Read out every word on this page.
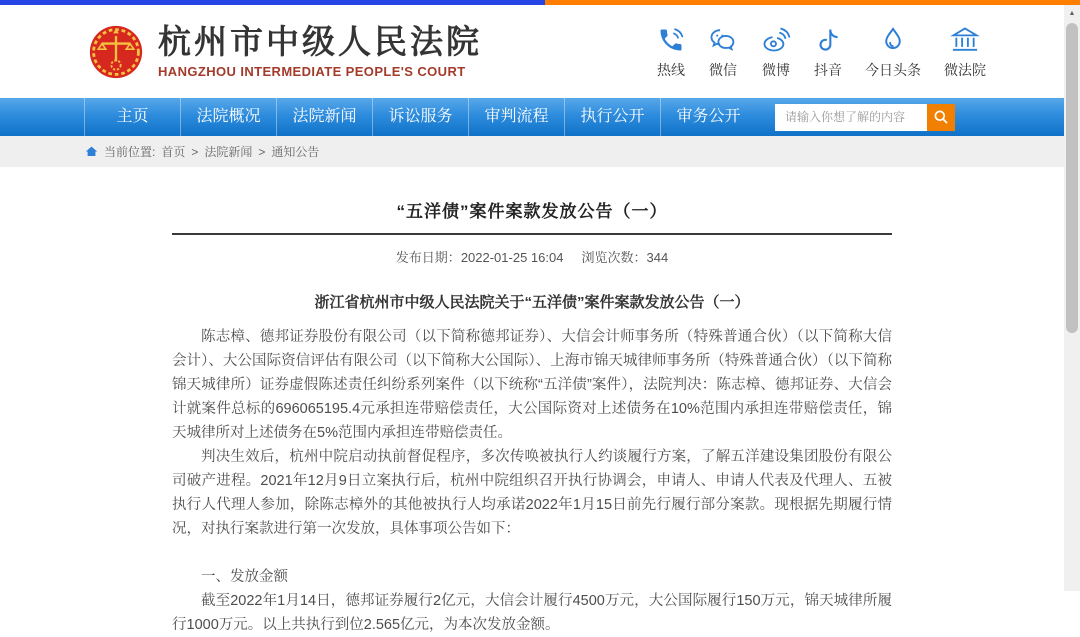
杭州市中级人民法院
HANGZHOU INTERMEDIATE PEOPLE'S COURT	热线 微信 微博 抖音 今日头条 微法院
主页	法院概况	法院新闻	诉讼服务	审判流程	执行公开	审务公开
请输入你想了解的内容
当前位置: 首页 > 法院新闻 > 通知公告
“五洋债”案件案款发放公告（一）
发布日期：2022-01-25 16:04 浏览次数：344
浙江省杭州市中级人民法院关于“五洋债”案件案款发放公告（一）

陈志樟、德邦证券股份有限公司（以下简称德邦证券）、大信会计师事务所（特殊普通合伙）（以下简称大信会计）、大公国际资信评估有限公司（以下简称大公国际）、上海市锦天城律师事务所（特殊普通合伙）（以下简称锦天城律所）证券虚假陈述责任纠纷系列案件（以下统称“五洋债”案件），法院判决：陈志樟、德邦证券、大信会计就案件总标的696065195.4元承担连带赔偿责任，大公国际资对上述债务在10%范围内承担连带赔偿责任，锦天城律所对上述债务在5%范围内承担连带赔偿责任。

判决生效后，杭州中院启动执前督促程序，多次传唤被执行人约谈履行方案，了解五洋建设集团股份有限公司破产进程。2021年12月9日立案执行后，杭州中院组织召开执行协调会，申请人、申请人代表及代理人、五被执行人代理人参加，除陈志樟外的其他被执行人均承诺2022年1月15日前先行履行部分案款。现根据先期履行情况，对执行案款进行第一次发放，具体事项公告如下：

一、发放金额

截至2022年1月14日，德邦证券履行2亿元，大信会计履行4500万元，大公国际履行150万元，锦天城律所履行1000万元。以上共执行到位2.565亿元，为本次发放金额。

▲
